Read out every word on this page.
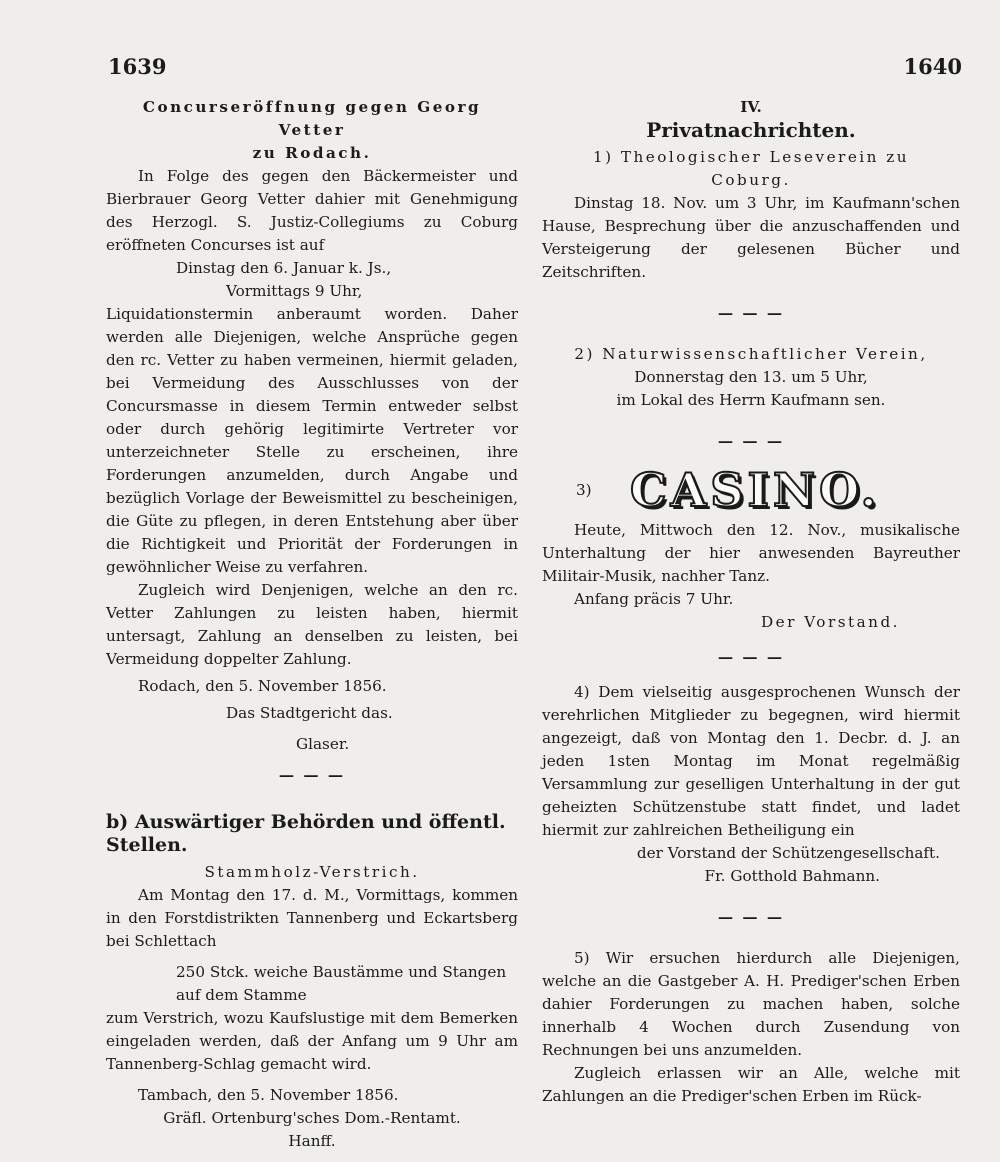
1639	1640
Concurseröffnung gegen Georg Vetter
zu Rodach.
In Folge des gegen den Bäckermeister und Bierbrauer Georg Vetter dahier mit Genehmigung des Herzogl. S. Justiz-Collegiums zu Coburg eröffneten Concurses ist auf
Dinstag den 6. Januar k. Js.,
Vormittags 9 Uhr,
Liquidationstermin anberaumt worden. Daher werden alle Diejenigen, welche Ansprüche gegen den rc. Vetter zu haben vermeinen, hiermit geladen, bei Vermeidung des Ausschlusses von der Concursmasse in diesem Termin entweder selbst oder durch gehörig legitimirte Vertreter vor unterzeichneter Stelle zu erscheinen, ihre Forderungen anzumelden, durch Angabe und bezüglich Vorlage der Beweismittel zu bescheinigen, die Güte zu pflegen, in deren Entstehung aber über die Richtigkeit und Priorität der Forderungen in gewöhnlicher Weise zu verfahren.
Zugleich wird Denjenigen, welche an den rc. Vetter Zahlungen zu leisten haben, hiermit untersagt, Zahlung an denselben zu leisten, bei Vermeidung doppelter Zahlung.
Rodach, den 5. November 1856.
Das Stadtgericht das.
Glaser.
— — —
b) Auswärtiger Behörden und öffentl. Stellen.
Stammholz-Verstrich.
Am Montag den 17. d. M., Vormittags, kommen in den Forstdistrikten Tannenberg und Eckartsberg bei Schlettach
250 Stck. weiche Baustämme und Stangen auf dem Stamme
zum Verstrich, wozu Kaufslustige mit dem Bemerken eingeladen werden, daß der Anfang um 9 Uhr am Tannenberg-Schlag gemacht wird.
Tambach, den 5. November 1856.
Gräfl. Ortenburg'sches Dom.-Rentamt.
Hanff.
IV.
Privatnachrichten.
1) Theologischer Leseverein zu
Coburg.
Dinstag 18. Nov. um 3 Uhr, im Kaufmann'schen Hause, Besprechung über die anzuschaffenden und Versteigerung der gelesenen Bücher und Zeitschriften.
— — —
2) Naturwissenschaftlicher Verein,
Donnerstag den 13. um 5 Uhr,
im Lokal des Herrn Kaufmann sen.
— — —
3) CASINO.
Heute, Mittwoch den 12. Nov., musikalische Unterhaltung der hier anwesenden Bayreuther Militair-Musik, nachher Tanz.
Anfang präcis 7 Uhr.
Der Vorstand.
— — —
4) Dem vielseitig ausgesprochenen Wunsch der verehrlichen Mitglieder zu begegnen, wird hiermit angezeigt, daß von Montag den 1. Decbr. d. J. an jeden 1sten Montag im Monat regelmäßig Versammlung zur geselligen Unterhaltung in der gut geheizten Schützenstube statt findet, und ladet hiermit zur zahlreichen Betheiligung ein
der Vorstand der Schützengesellschaft.
Fr. Gotthold Bahmann.
— — —
5) Wir ersuchen hierdurch alle Diejenigen, welche an die Gastgeber A. H. Prediger'schen Erben dahier Forderungen zu machen haben, solche innerhalb 4 Wochen durch Zusendung von Rechnungen bei uns anzumelden.
Zugleich erlassen wir an Alle, welche mit Zahlungen an die Prediger'schen Erben im Rück-
